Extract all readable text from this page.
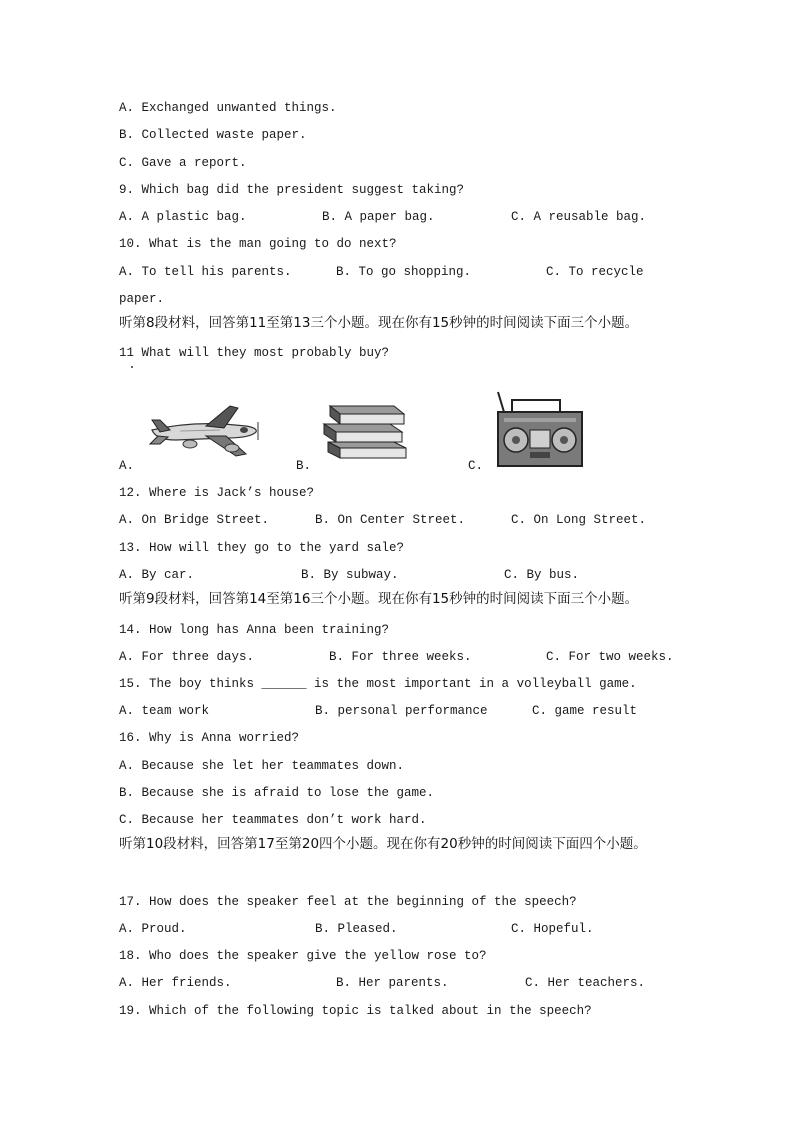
A. Exchanged unwanted things.
B. Collected waste paper.
C. Gave a report.
9. Which bag did the president suggest taking?
A. A plastic bag.	B. A paper bag.	C. A reusable bag.
10. What is the man going to do next?
A. To tell his parents.	B. To go shopping.	C. To recycle
paper.
听第8段材料，回答第11至第13三个小题。现在你有15秒钟的时间阅读下面三个小题。
11 What will they most probably buy?
A.	B.	C.
12. Where is Jack’s house?
A. On Bridge Street.	B. On Center Street.	C. On Long Street.
13. How will they go to the yard sale?
A. By car.	B. By subway.	C. By bus.
听第9段材料，回答第14至第16三个小题。现在你有15秒钟的时间阅读下面三个小题。
14. How long has Anna been training?
A. For three days.	B. For three weeks.	C. For two weeks.
15. The boy thinks ______ is the most important in a volleyball game.
A. team work	B. personal performance	C. game result
16. Why is Anna worried?
A. Because she let her teammates down.
B. Because she is afraid to lose the game.
C. Because her teammates don’t work hard.
听第10段材料，回答第17至第20四个小题。现在你有20秒钟的时间阅读下面四个小题。
17. How does the speaker feel at the beginning of the speech?
A. Proud.	B. Pleased.	C. Hopeful.
18. Who does the speaker give the yellow rose to?
A. Her friends.	B. Her parents.	C. Her teachers.
19. Which of the following topic is talked about in the speech?
